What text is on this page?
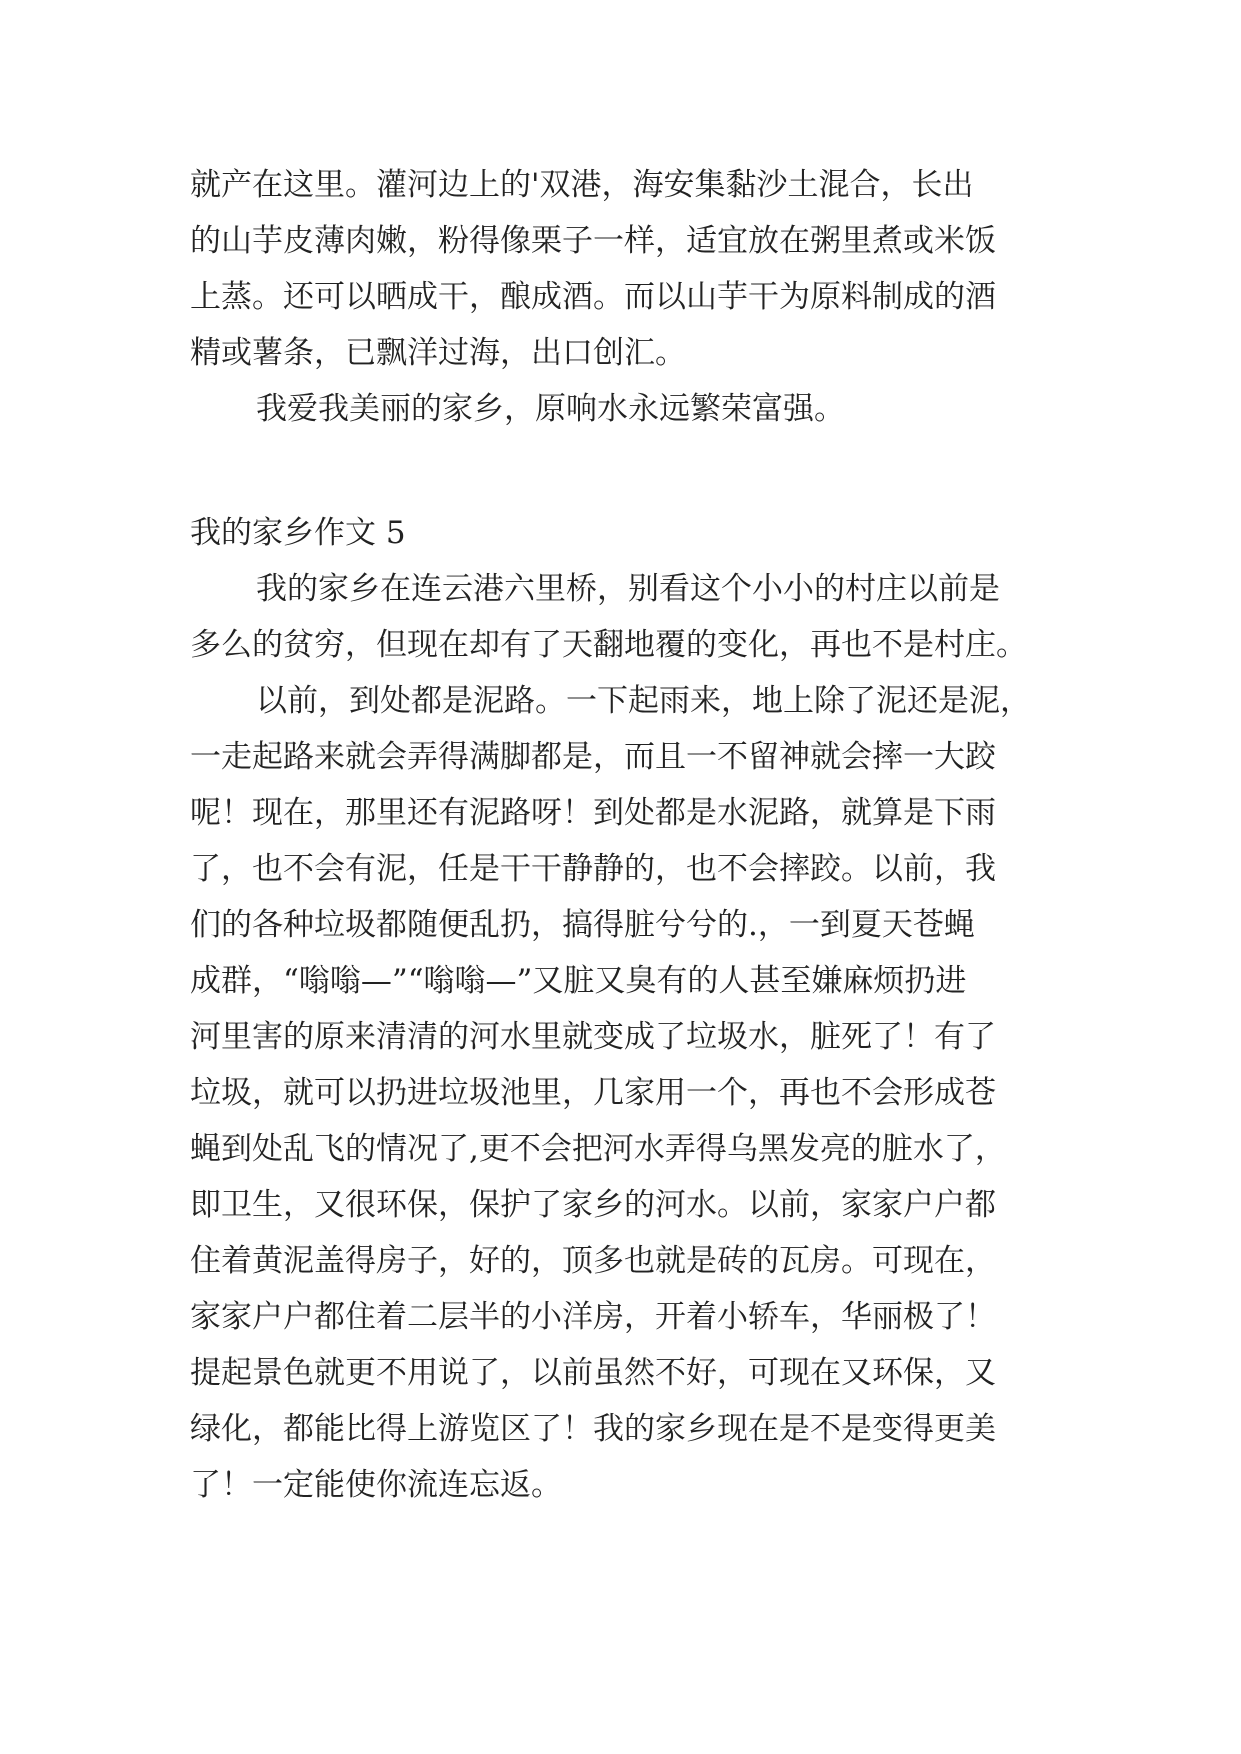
就产在这里。灌河边上的'双港，海安集黏沙土混合，长出
的山芋皮薄肉嫩，粉得像栗子一样，适宜放在粥里煮或米饭
上蒸。还可以晒成干，酿成酒。而以山芋干为原料制成的酒
精或薯条，已飘洋过海，出口创汇。
我爱我美丽的家乡，原响水永远繁荣富强。
我的家乡作文 5
我的家乡在连云港六里桥，别看这个小小的村庄以前是
多么的贫穷，但现在却有了天翻地覆的变化，再也不是村庄。
以前，到处都是泥路。一下起雨来，地上除了泥还是泥，
一走起路来就会弄得满脚都是，而且一不留神就会摔一大跤
呢！现在，那里还有泥路呀！到处都是水泥路，就算是下雨
了，也不会有泥，任是干干静静的，也不会摔跤。以前，我
们的各种垃圾都随便乱扔，搞得脏兮兮的.，一到夏天苍蝇
成群，“嗡嗡—”“嗡嗡—”又脏又臭有的人甚至嫌麻烦扔进
河里害的原来清清的河水里就变成了垃圾水，脏死了！有了
垃圾，就可以扔进垃圾池里，几家用一个，再也不会形成苍
蝇到处乱飞的情况了,更不会把河水弄得乌黑发亮的脏水了，
即卫生，又很环保，保护了家乡的河水。以前，家家户户都
住着黄泥盖得房子，好的，顶多也就是砖的瓦房。可现在，
家家户户都住着二层半的小洋房，开着小轿车，华丽极了！
提起景色就更不用说了，以前虽然不好，可现在又环保，又
绿化，都能比得上游览区了！我的家乡现在是不是变得更美
了！一定能使你流连忘返。
